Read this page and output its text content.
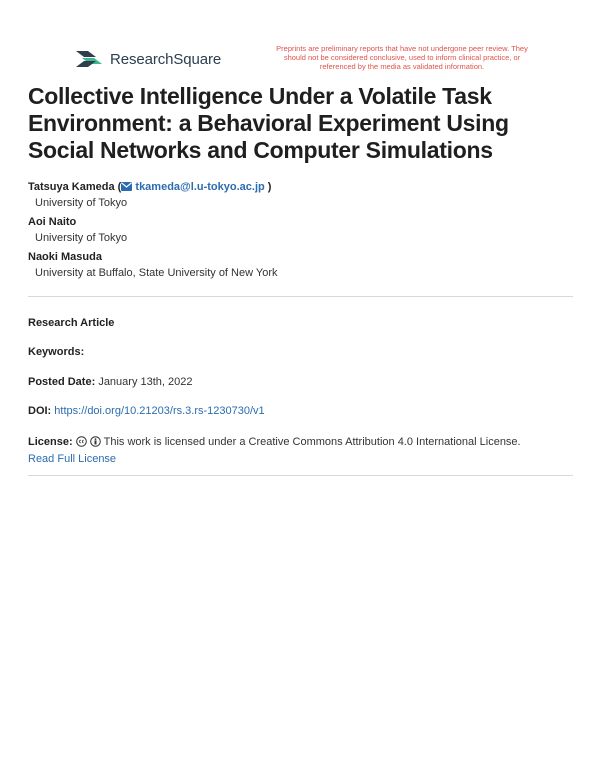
ResearchSquare
Preprints are preliminary reports that have not undergone peer review. They should not be considered conclusive, used to inform clinical practice, or referenced by the media as validated information.
Collective Intelligence Under a Volatile Task Environment: a Behavioral Experiment Using Social Networks and Computer Simulations
Tatsuya Kameda ( tkameda@l.u-tokyo.ac.jp )
University of Tokyo
Aoi Naito
University of Tokyo
Naoki Masuda
University at Buffalo, State University of New York
Research Article
Keywords:
Posted Date: January 13th, 2022
DOI: https://doi.org/10.21203/rs.3.rs-1230730/v1
License:	This work is licensed under a Creative Commons Attribution 4.0 International License.
Read Full License
